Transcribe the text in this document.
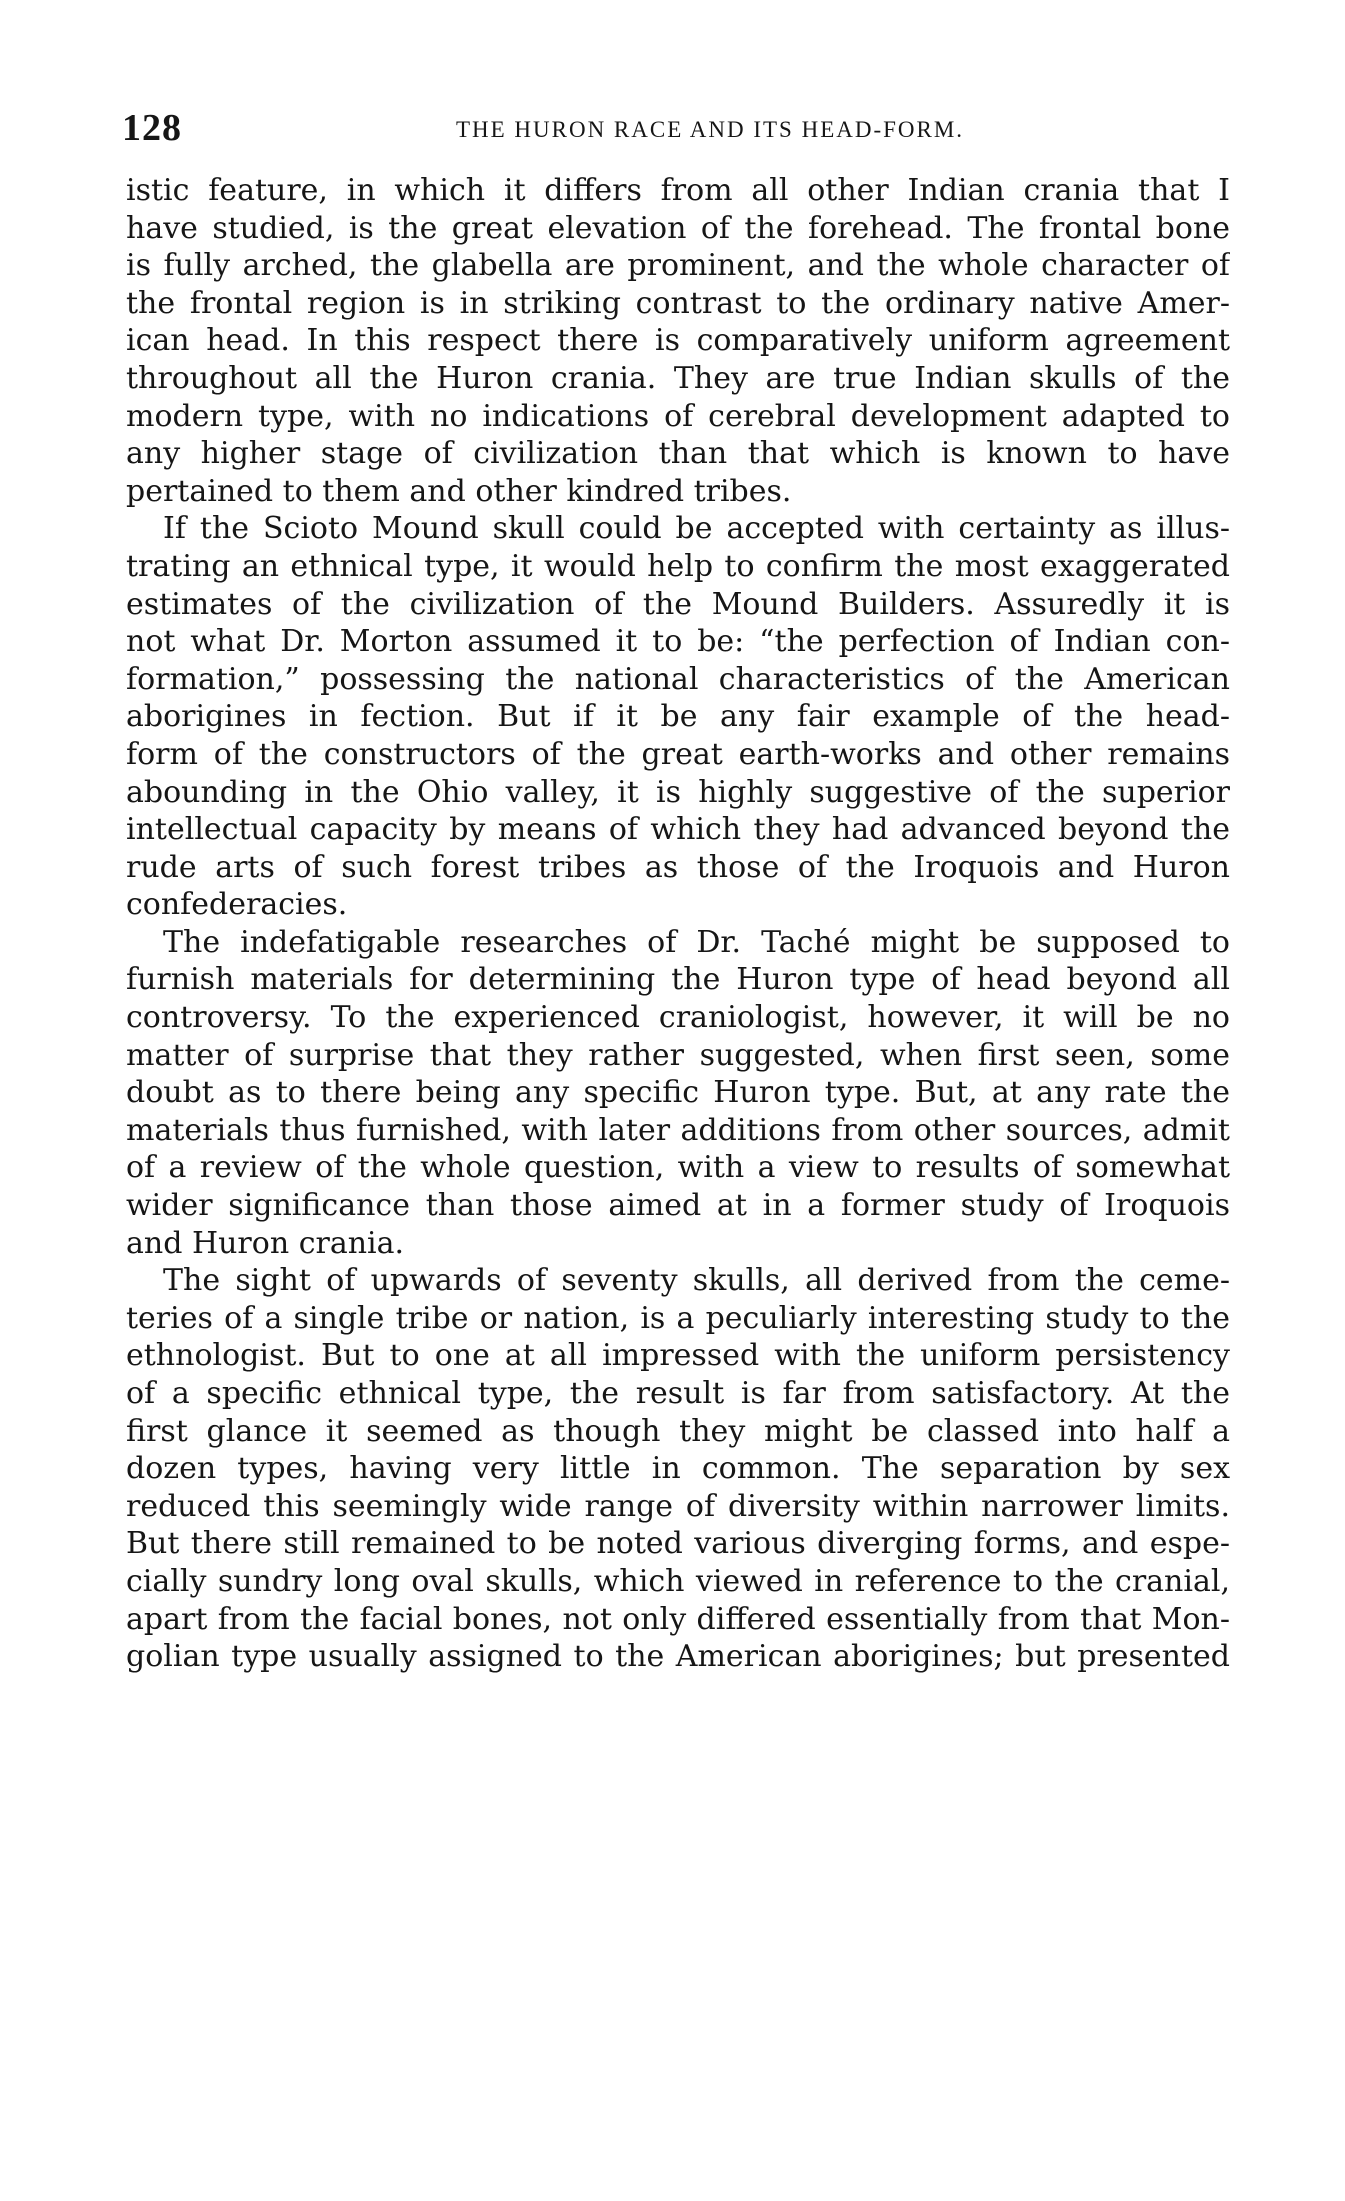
128	THE HURON RACE AND ITS HEAD-FORM.
istic feature, in which it differs from all other Indian crania that I
have studied, is the great elevation of the forehead. The frontal bone
is fully arched, the glabella are prominent, and the whole character of
the frontal region is in striking contrast to the ordinary native Amer-
ican head. In this respect there is comparatively uniform agreement
throughout all the Huron crania. They are true Indian skulls of the
modern type, with no indications of cerebral development adapted to
any higher stage of civilization than that which is known to have
pertained to them and other kindred tribes.
If the Scioto Mound skull could be accepted with certainty as illus-
trating an ethnical type, it would help to confirm the most exaggerated
estimates of the civilization of the Mound Builders. Assuredly it is
not what Dr. Morton assumed it to be: “the perfection of Indian con-
formation,” possessing the national characteristics of the American
aborigines in fection. But if it be any fair example of the head-
form of the constructors of the great earth-works and other remains
abounding in the Ohio valley, it is highly suggestive of the superior
intellectual capacity by means of which they had advanced beyond the
rude arts of such forest tribes as those of the Iroquois and Huron
confederacies.
The indefatigable researches of Dr. Taché might be supposed to
furnish materials for determining the Huron type of head beyond all
controversy. To the experienced craniologist, however, it will be no
matter of surprise that they rather suggested, when first seen, some
doubt as to there being any specific Huron type. But, at any rate the
materials thus furnished, with later additions from other sources, admit
of a review of the whole question, with a view to results of somewhat
wider significance than those aimed at in a former study of Iroquois
and Huron crania.
The sight of upwards of seventy skulls, all derived from the ceme-
teries of a single tribe or nation, is a peculiarly interesting study to the
ethnologist. But to one at all impressed with the uniform persistency
of a specific ethnical type, the result is far from satisfactory. At the
first glance it seemed as though they might be classed into half a
dozen types, having very little in common. The separation by sex
reduced this seemingly wide range of diversity within narrower limits.
But there still remained to be noted various diverging forms, and espe-
cially sundry long oval skulls, which viewed in reference to the cranial,
apart from the facial bones, not only differed essentially from that Mon-
golian type usually assigned to the American aborigines; but presented
